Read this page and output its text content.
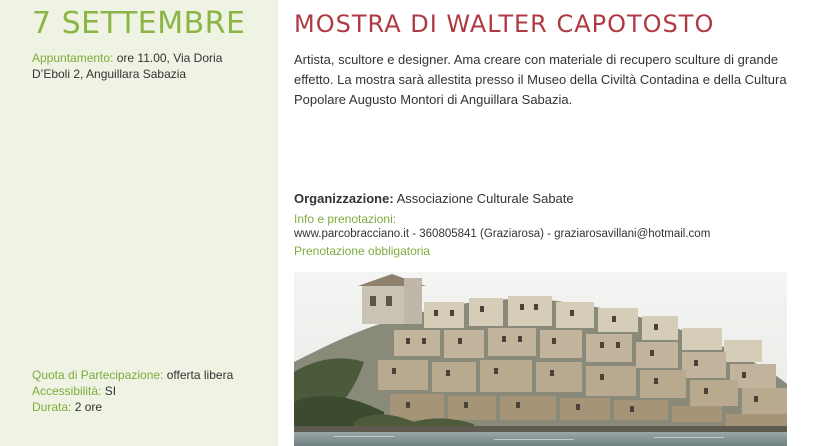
7 SETTEMBRE
Appuntamento: ore 11.00, Via Doria D’Eboli 2, Anguillara Sabazia
Quota di Partecipazione: offerta libera
Accessibilità: SI
Durata: 2 ore
MOSTRA DI WALTER CAPOTOSTO
Artista, scultore e designer. Ama creare con materiale di recupero sculture di grande effetto. La mostra sarà allestita presso il Museo della Civiltà Contadina e della Cultura Popolare Augusto Montori di Anguillara Sabazia.
Organizzazione: Associazione Culturale Sabate
Info e prenotazioni:
www.parcobracciano.it - 360805841 (Graziarosa) - graziarosavillani@hotmail.com
Prenotazione obbligatoria
